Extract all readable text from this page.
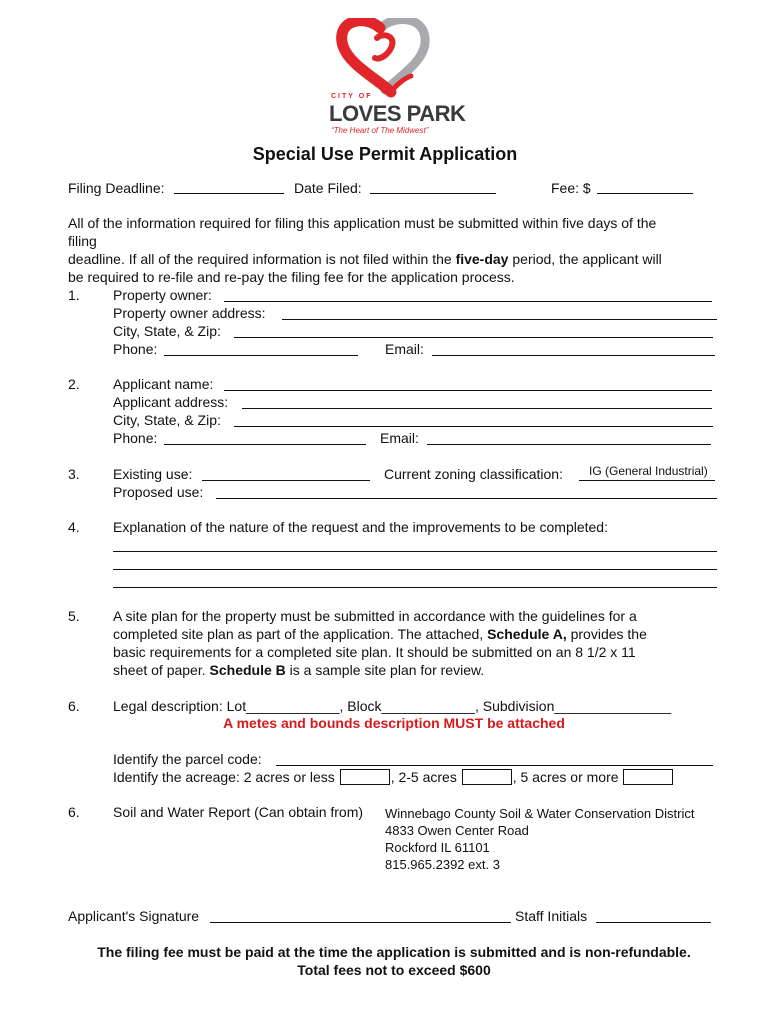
CITY OF
LOVES PARK
“The Heart of The Midwest”
Special Use Permit Application
Filing Deadline:	Date Filed:	Fee: $
All of the information required for filing this application must be submitted within five days of the
filing
deadline. If all of the required information is not filed within the five-day period, the applicant will
be required to re-file and re-pay the filing fee for the application process.
1. Property owner:
Property owner address:
City, State, & Zip:
Phone:	Email:
2. Applicant name:
Applicant address:
City, State, & Zip:
Phone:	Email:
3. Existing use:	Current zoning classification: IG (General Industrial)
Proposed use:
4. Explanation of the nature of the request and the improvements to be completed:
5. A site plan for the property must be submitted in accordance with the guidelines for a
completed site plan as part of the application. The attached, Schedule A, provides the
basic requirements for a completed site plan. It should be submitted on an 8 1/2 x 11
sheet of paper. Schedule B is a sample site plan for review.
6. Legal description: Lot____________, Block____________, Subdivision_______________
A metes and bounds description MUST be attached
Identify the parcel code:
Identify the acreage: 2 acres or less	, 2-5 acres	, 5 acres or more
6. Soil and Water Report (Can obtain from) Winnebago County Soil & Water Conservation District
4833 Owen Center Road
Rockford IL 61101
815.965.2392 ext. 3
Applicant's Signature	Staff Initials
The filing fee must be paid at the time the application is submitted and is non-refundable.
Total fees not to exceed $600
